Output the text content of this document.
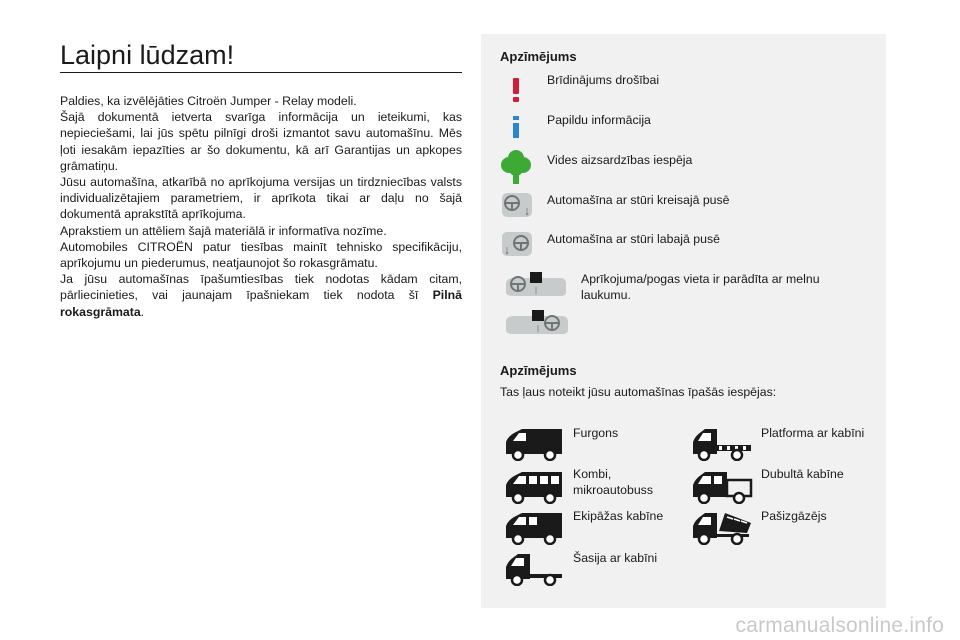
Laipni lūdzam!

Paldies, ka izvēlējāties Citroën Jumper - Relay modeli.

Šajā dokumentā ietverta svarīga informācija un ieteikumi, kas nepieciešami, lai jūs spētu pilnīgi droši izmantot savu automašīnu. Mēs ļoti iesakām iepazīties ar šo dokumentu, kā arī Garantijas un apkopes grāmatiņu.

Jūsu automašīna, atkarībā no aprīkojuma versijas un tirdzniecības valsts individualizētajiem parametriem, ir aprīkota tikai ar daļu no šajā dokumentā aprakstītā aprīkojuma.

Aprakstiem un attēliem šajā materiālā ir informatīva nozīme.

Automobiles CITROËN patur tiesības mainīt tehnisko specifikāciju, aprīkojumu un piederumus, neatjaunojot šo rokasgrāmatu.

Ja jūsu automašīnas īpašumtiesības tiek nodotas kādam citam, pārliecinieties, vai jaunajam īpašniekam tiek nodota šī Pilnā rokasgrāmata.

Apzīmējums
Brīdinājums drošībai
Papildu informācija
Vides aizsardzības iespēja
Automašīna ar stūri kreisajā pusē
Automašīna ar stūri labajā pusē
Aprīkojuma/pogas vieta ir parādīta ar melnu laukumu.
Apzīmējums
Tas ļaus noteikt jūsu automašīnas īpašās iespējas:
Furgons
Kombi, mikroautobuss
Ekipāžas kabīne
Šasija ar kabīni
Platforma ar kabīni
Dubultā kabīne
Pašizgāzējs
carmanualsonline.info
